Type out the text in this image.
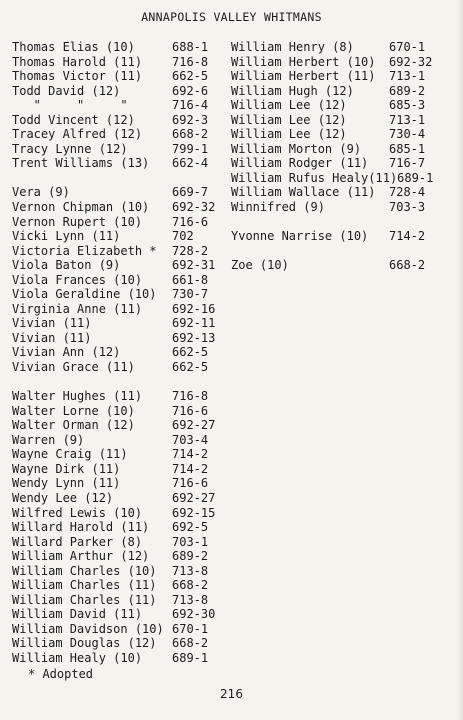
ANNAPOLIS VALLEY WHITMANS
Thomas Elias (10)	688-1
Thomas Harold (11)	716-8
Thomas Victor (11)	662-5
Todd David (12)	692-6
"     "     "	716-4
Todd Vincent (12)	692-3
Tracey Alfred (12)	668-2
Tracy Lynne (12)	799-1
Trent Williams (13)	662-4
Vera (9)	669-7
Vernon Chipman (10)	692-32
Vernon Rupert (10)	716-6
Vicki Lynn (11)	702
Victoria Elizabeth *	728-2
Viola Baton (9)	692-31
Viola Frances (10)	661-8
Viola Geraldine (10)	730-7
Virginia Anne (11)	692-16
Vivian (11)	692-11
Vivian (11)	692-13
Vivian Ann (12)	662-5
Vivian Grace (11)	662-5
Walter Hughes (11)	716-8
Walter Lorne (10)	716-6
Walter Orman (12)	692-27
Warren (9)	703-4
Wayne Craig (11)	714-2
Wayne Dirk (11)	714-2
Wendy Lynn (11)	716-6
Wendy Lee (12)	692-27
Wilfred Lewis (10)	692-15
Willard Harold (11)	692-5
Willard Parker (8)	703-1
William Arthur (12)	689-2
William Charles (10)	713-8
William Charles (11)	668-2
William Charles (11)	713-8
William David (11)	692-30
William Davidson (10) 670-1
William Douglas (12)	668-2
William Healy (10)	689-1
William Henry (8)	670-1
William Herbert (10)	692-32
William Herbert (11)	713-1
William Hugh (12)	689-2
William Lee (12)	685-3
William Lee (12)	713-1
William Lee (12)	730-4
William Morton (9)	685-1
William Rodger (11)	716-7
William Rufus Healy(11)689-1
William Wallace (11)	728-4
Winnifred (9)	703-3
Yvonne Narrise (10)	714-2
Zoe (10)	668-2
* Adopted
216
